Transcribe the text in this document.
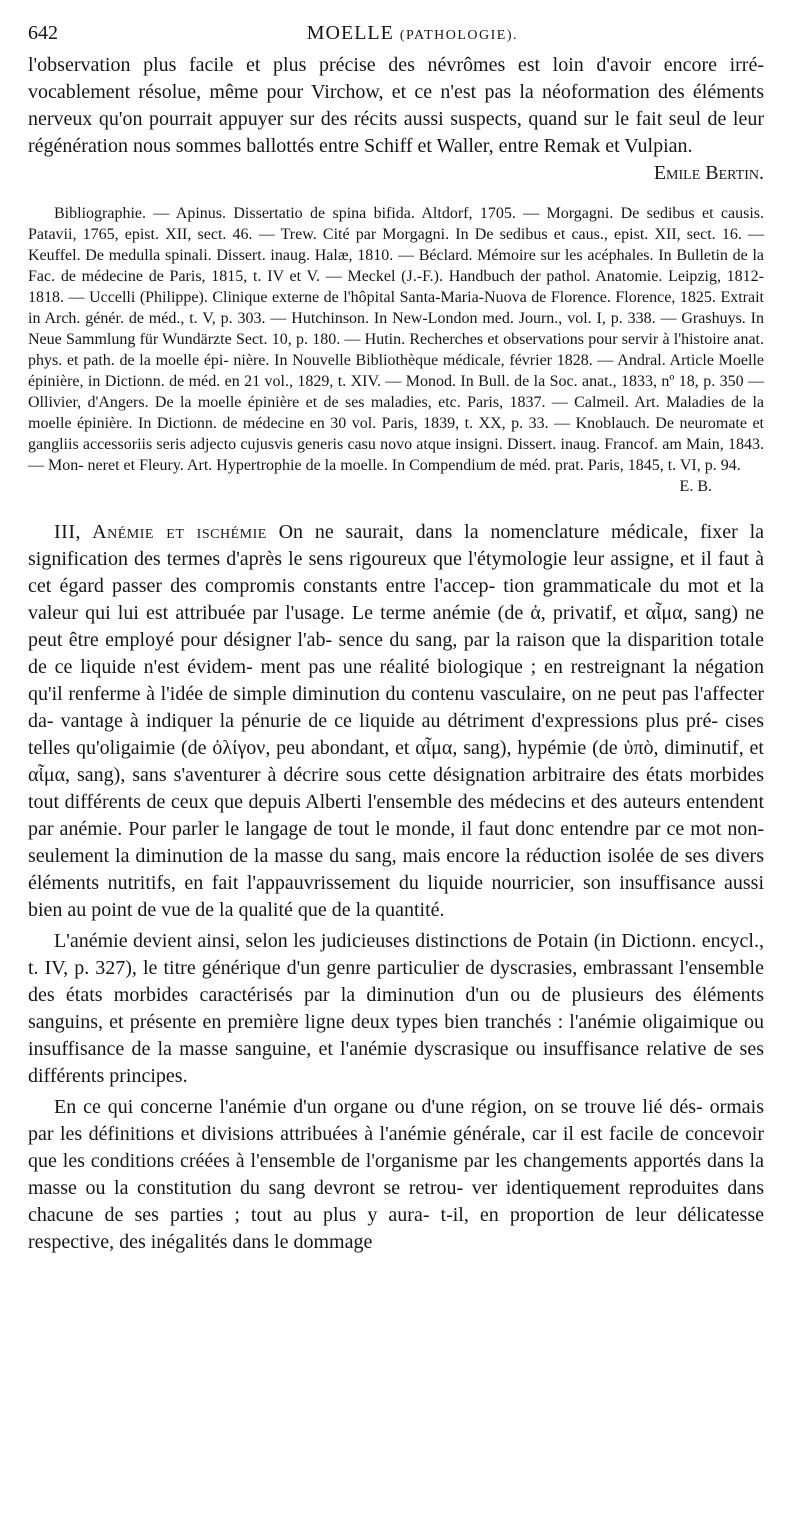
642	MOELLE (PATHOLOGIE).

l'observation plus facile et plus précise des névrômes est loin d'avoir encore irré- vocablement résolue, même pour Virchow, et ce n'est pas la néoformation des éléments nerveux qu'on pourrait appuyer sur des récits aussi suspects, quand sur le fait seul de leur régénération nous sommes ballottés entre Schiff et Waller, entre Remak et Vulpian.

Emile Bertin.

Bibliographie. — Apinus. Dissertatio de spina bifida. Altdorf, 1705. — Morgagni. De sedibus et causis. Patavii, 1765, epist. XII, sect. 46. — Trew. Cité par Morgagni. In De sedibus et caus., epist. XII, sect. 16. — Keuffel. De medulla spinali. Dissert. inaug. Halæ, 1810. — Béclard. Mémoire sur les acéphales. In Bulletin de la Fac. de médecine de Paris, 1815, t. IV et V. — Meckel (J.-F.). Handbuch der pathol. Anatomie. Leipzig, 1812-1818. — Uccelli (Philippe). Clinique externe de l'hôpital Santa-Maria-Nuova de Florence. Florence, 1825. Extrait in Arch. génér. de méd., t. V, p. 303. — Hutchinson. In New-London med. Journ., vol. I, p. 338. — Grashuys. In Neue Sammlung für Wundärzte Sect. 10, p. 180. — Hutin. Recherches et observations pour servir à l'histoire anat. phys. et path. de la moelle épi- nière. In Nouvelle Bibliothèque médicale, février 1828. — Andral. Article Moelle épinière, in Dictionn. de méd. en 21 vol., 1829, t. XIV. — Monod. In Bull. de la Soc. anat., 1833, nº 18, p. 350 — Ollivier, d'Angers. De la moelle épinière et de ses maladies, etc. Paris, 1837. — Calmeil. Art. Maladies de la moelle épinière. In Dictionn. de médecine en 30 vol. Paris, 1839, t. XX, p. 33. — Knoblauch. De neuromate et gangliis accessoriis seris adjecto cujusvis generis casu novo atque insigni. Dissert. inaug. Francof. am Main, 1843. — Mon- neret et Fleury. Art. Hypertrophie de la moelle. In Compendium de méd. prat. Paris, 1845, t. VI, p. 94.

E. B.

III, Anémie et ischémie On ne saurait, dans la nomenclature médicale, fixer la signification des termes d'après le sens rigoureux que l'étymologie leur assigne, et il faut à cet égard passer des compromis constants entre l'accep- tion grammaticale du mot et la valeur qui lui est attribuée par l'usage. Le terme anémie (de ἀ, privatif, et αἷμα, sang) ne peut être employé pour désigner l'ab- sence du sang, par la raison que la disparition totale de ce liquide n'est évidem- ment pas une réalité biologique ; en restreignant la négation qu'il renferme à l'idée de simple diminution du contenu vasculaire, on ne peut pas l'affecter da- vantage à indiquer la pénurie de ce liquide au détriment d'expressions plus pré- cises telles qu'oligaimie (de ὀλίγον, peu abondant, et αἷμα, sang), hypémie (de ὑπὸ, diminutif, et αἷμα, sang), sans s'aventurer à décrire sous cette désignation arbitraire des états morbides tout différents de ceux que depuis Alberti l'ensemble des médecins et des auteurs entendent par anémie. Pour parler le langage de tout le monde, il faut donc entendre par ce mot non-seulement la diminution de la masse du sang, mais encore la réduction isolée de ses divers éléments nutritifs, en fait l'appauvrissement du liquide nourricier, son insuffisance aussi bien au point de vue de la qualité que de la quantité.

L'anémie devient ainsi, selon les judicieuses distinctions de Potain (in Dictionn. encycl., t. IV, p. 327), le titre générique d'un genre particulier de dyscrasies, embrassant l'ensemble des états morbides caractérisés par la diminution d'un ou de plusieurs des éléments sanguins, et présente en première ligne deux types bien tranchés : l'anémie oligaimique ou insuffisance de la masse sanguine, et l'anémie dyscrasique ou insuffisance relative de ses différents principes.

En ce qui concerne l'anémie d'un organe ou d'une région, on se trouve lié dés- ormais par les définitions et divisions attribuées à l'anémie générale, car il est facile de concevoir que les conditions créées à l'ensemble de l'organisme par les changements apportés dans la masse ou la constitution du sang devront se retrou- ver identiquement reproduites dans chacune de ses parties ; tout au plus y aura- t-il, en proportion de leur délicatesse respective, des inégalités dans le dommage
